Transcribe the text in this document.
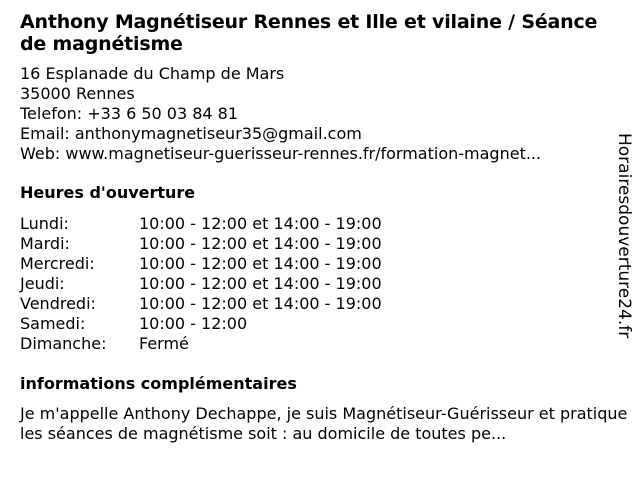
Anthony Magnétiseur Rennes et Ille et vilaine / Séance de magnétisme
16 Esplanade du Champ de Mars
35000 Rennes
Telefon: +33 6 50 03 84 81
Email: anthonymagnetiseur35@gmail.com
Web: www.magnetiseur-guerisseur-rennes.fr/formation-magnet...
Heures d'ouverture
Lundi:	10:00 - 12:00 et 14:00 - 19:00
Mardi:	10:00 - 12:00 et 14:00 - 19:00
Mercredi:	10:00 - 12:00 et 14:00 - 19:00
Jeudi:	10:00 - 12:00 et 14:00 - 19:00
Vendredi:	10:00 - 12:00 et 14:00 - 19:00
Samedi:	10:00 - 12:00
Dimanche:	Fermé
informations complémentaires

Je m'appelle Anthony Dechappe, je suis Magnétiseur-Guérisseur et pratique les séances de magnétisme soit : au domicile de toutes pe...

Horairesdouverture24.fr
